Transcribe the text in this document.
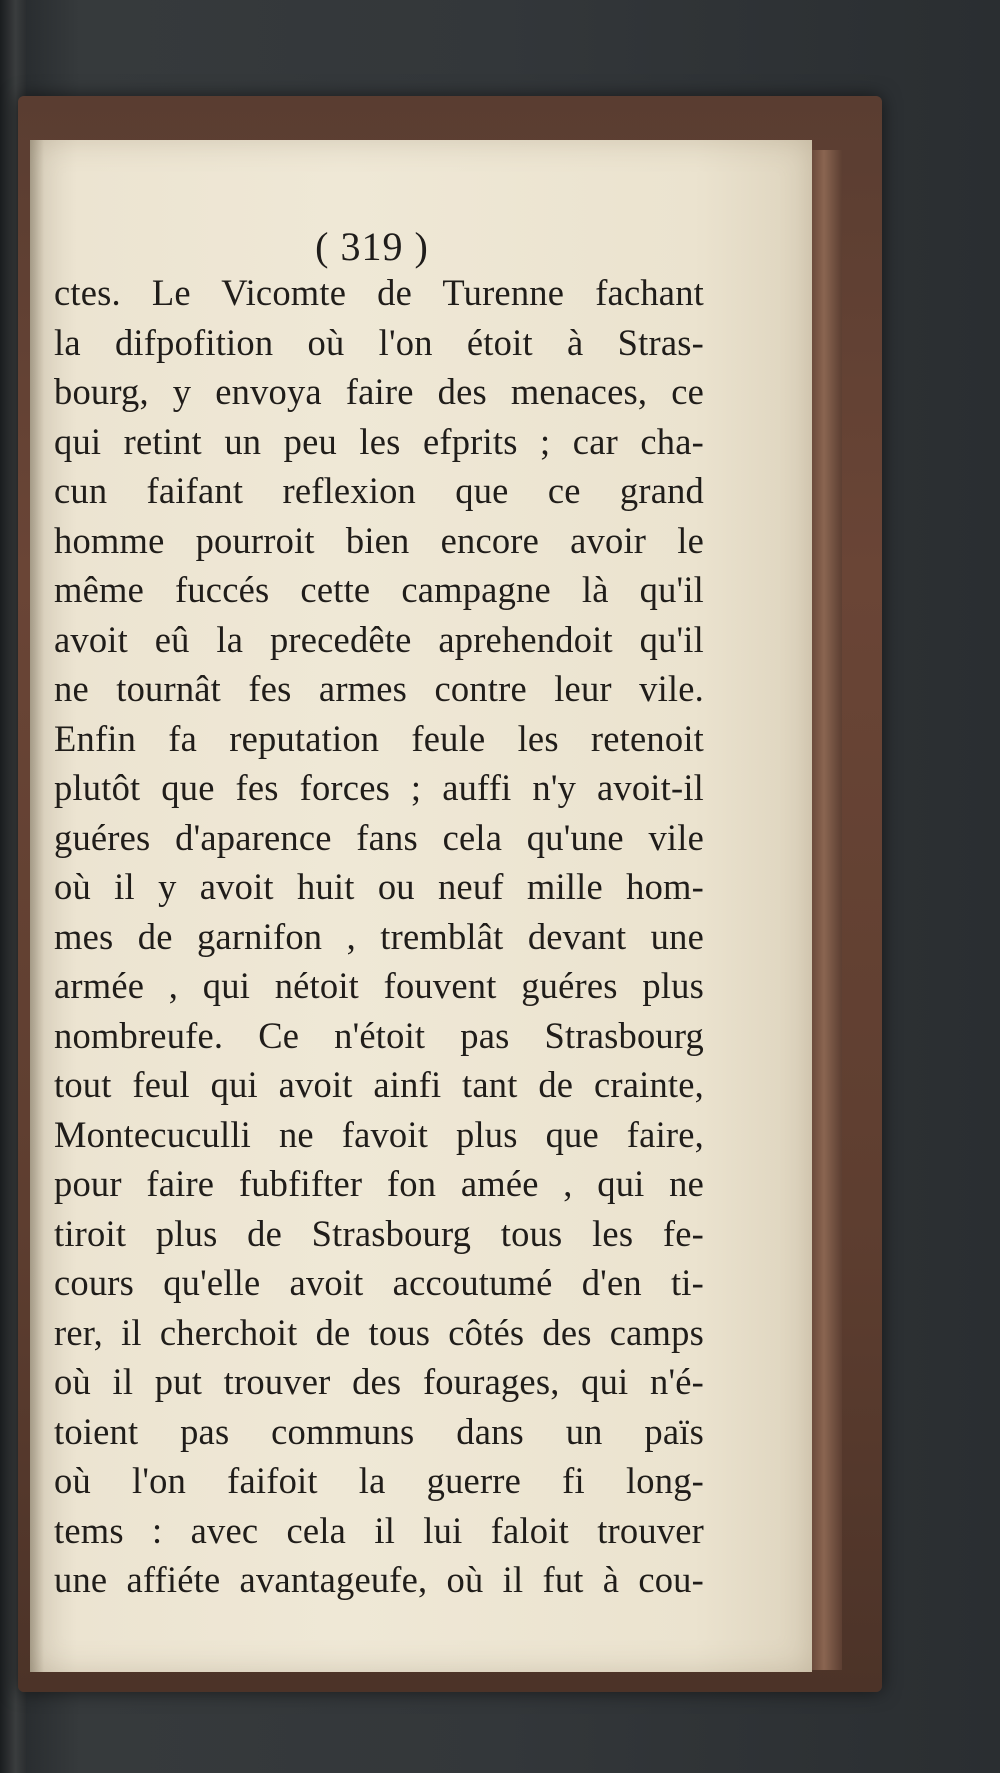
( 319 )
ctes. Le Vicomte de Turenne fachant
la difpofition où l'on étoit à Stras-
bourg, y envoya faire des menaces, ce
qui retint un peu les efprits ; car cha-
cun faifant reflexion que ce grand
homme pourroit bien encore avoir le
même fuccés cette campagne là qu'il
avoit eû la precedête aprehendoit qu'il
ne tournât fes armes contre leur vile.
Enfin fa reputation feule les retenoit
plutôt que fes forces ; auffi n'y avoit-il
guéres d'aparence fans cela qu'une vile
où il y avoit huit ou neuf mille hom-
mes de garnifon , tremblât devant une
armée , qui nétoit fouvent guéres plus
nombreufe. Ce n'étoit pas Strasbourg
tout feul qui avoit ainfi tant de crainte,
Montecuculli ne favoit plus que faire,
pour faire fubfifter fon amée , qui ne
tiroit plus de Strasbourg tous les fe-
cours qu'elle avoit accoutumé d'en ti-
rer, il cherchoit de tous côtés des camps
où il put trouver des fourages, qui n'é-
toient pas communs dans un païs
où l'on faifoit la guerre fi long-
tems : avec cela il lui faloit trouver
une affiéte avantageufe, où il fut à cou-
